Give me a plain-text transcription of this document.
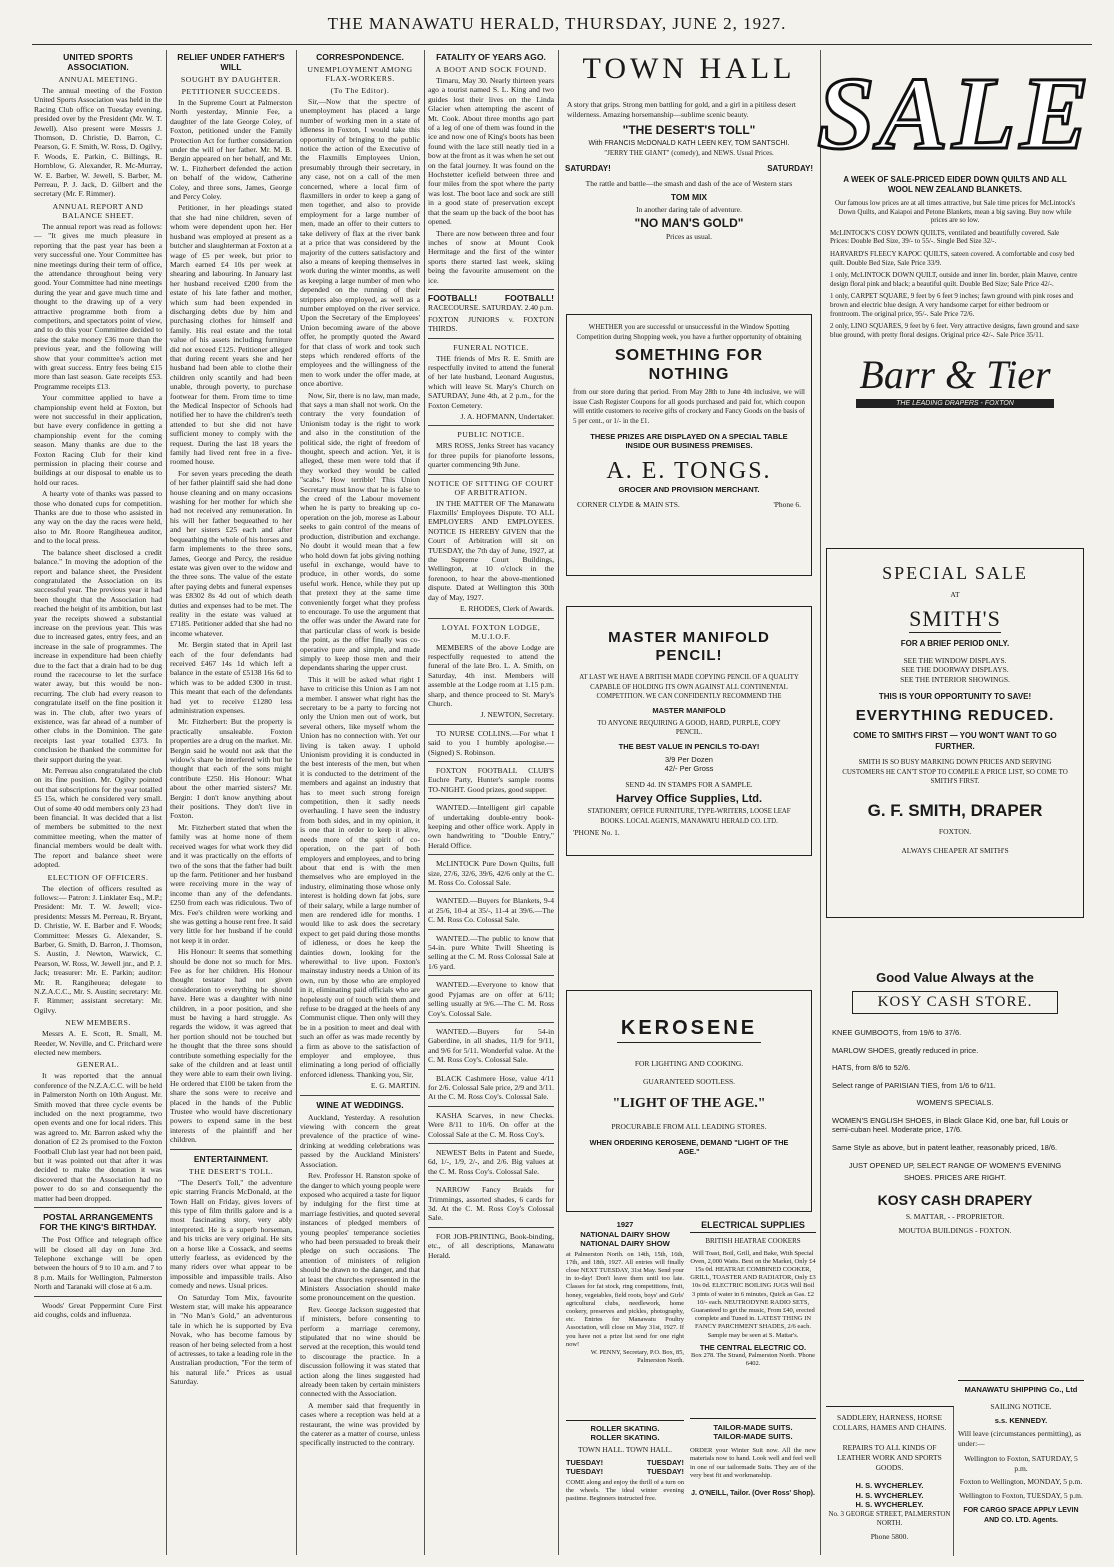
THE MANAWATU HERALD, THURSDAY, JUNE 2, 1927.
UNITED SPORTS ASSOCIATION.
ANNUAL MEETING.

The annual meeting of the Foxton United Sports Association was held in the Racing Club office on Tuesday evening, presided over by the President (Mr. W. T. Jewell). Also present were Messrs J. Thomson, D. Christie, D. Barron, C. Pearson, G. F. Smith, W. Ross, D. Ogilvy, F. Woods, E. Parkin, C. Billings, R. Hornblow, G. Alexander, R. Mc-Murray, W. E. Barber, W. Jewell, S. Barber, M. Perreau, P. J. Jack, D. Gilbert and the secretary (Mr. F. Rimmer).

ANNUAL REPORT AND BALANCE SHEET.

The annual report was read as follows:— "It gives me much pleasure in reporting that the past year has been a very successful one. Your Committee has nine meetings during their term of office, the attendance throughout being very good. Your Committee had nine meetings during the year and gave much time and thought to the drawing up of a very attractive programme both from a competitors, and spectators point of view, and to do this your Committee decided to raise the stake money £36 more than the previous year, and the following will show that your committee's action met with great success. Entry fees being £15 more than last season. Gate receipts £53. Programme receipts £13.

Your committee applied to have a championship event held at Foxton, but were not successful in their application, but have every confidence in getting a championship event for the coming season. Many thanks are due to the Foxton Racing Club for their kind permission in placing their course and buildings at our disposal to enable us to hold our races.

A hearty vote of thanks was passed to those who donated cups for competition. Thanks are due to those who assisted in any way on the day the races were held, also to Mr. Roore Rangiheuea auditor, and to the local press.

The balance sheet disclosed a credit balance." In moving the adoption of the report and balance sheet, the President congratulated the Association on its successful year. The previous year it had been thought that the Association had reached the height of its ambition, but last year the receipts showed a substantial increase on the previous year. This was due to increased gates, entry fees, and an increase in the sale of programmes. The increase in expenditure had been chiefly due to the fact that a drain had to be dug round the racecourse to let the surface water away, but this would be non-recurring. The club had every reason to congratulate itself on the fine position it was in. The club, after two years of existence, was far ahead of a number of other clubs in the Dominion. The gate receipts last year totalled £373. In conclusion he thanked the committee for their support during the year.

Mr. Perreau also congratulated the club on its fine position. Mr. Ogilvy pointed out that subscriptions for the year totalled £5 15s, which he considered very small. Out of some 40 odd members only 23 had been financial. It was decided that a list of members be submitted to the next committee meeting, when the matter of financial members would be dealt with. The report and balance sheet were adopted.

ELECTION OF OFFICERS.

The election of officers resulted as follows:— Patron: J. Linklater Esq., M.P.; President: Mr. T. W. Jewell; vice-presidents: Messrs M. Perreau, R. Bryant, D. Christie, W. E. Barber and F. Woods; Committee: Messrs G. Alexander, S. Barber, G. Smith, D. Barron, J. Thomson, S. Austin, J. Newton, Warwick, C. Pearson, W. Ross, W. Jewell jnr., and P. J. Jack; treasurer: Mr. E. Parkin; auditor: Mr. R. Rangiheuea; delegate to N.Z.A.C.C., Mr. S. Austin; secretary: Mr. F. Rimmer; assistant secretary: Mr. Ogilvy.

NEW MEMBERS.

Messrs A. E. Scott, R. Small, M. Reeder, W. Neville, and C. Pritchard were elected new members.

GENERAL.

It was reported that the annual conference of the N.Z.A.C.C. will be held in Palmerston North on 10th August. Mr. Smith moved that three cycle events be included on the next programme, two open events and one for local riders. This was agreed to. Mr. Barron asked why the donation of £2 2s promised to the Foxton Football Club last year had not been paid, but it was pointed out that after it was decided to make the donation it was discovered that the Association had no power to do so and consequently the matter had been dropped.

POSTAL ARRANGEMENTS FOR THE KING'S BIRTHDAY.

The Post Office and telegraph office will be closed all day on June 3rd. Telephone exchange will be open between the hours of 9 to 10 a.m. and 7 to 8 p.m. Mails for Wellington, Palmerston North and Taranaki will close at 6 a.m.

Woods' Great Peppermint Cure First aid coughs, colds and influenza.

RELIEF UNDER FATHER'S WILL
SOUGHT BY DAUGHTER.
PETITIONER SUCCEEDS.

In the Supreme Court at Palmerston North yesterday, Minnie Fee, a daughter of the late George Coley, of Foxton, petitioned under the Family Protection Act for further consideration under the will of her father. Mr. M. B. Bergin appeared on her behalf, and Mr. W. L. Fitzherbert defended the action on behalf of the widow, Catherine Coley, and three sons, James, George and Percy Coley.

Petitioner, in her pleadings stated that she had nine children, seven of whom were dependent upon her. Her husband was employed at present as a butcher and slaughterman at Foxton at a wage of £5 per week, but prior to March earned £4 10s per week at shearing and labouring. In January last her husband received £200 from the estate of his late father and mother, which sum had been expended in discharging debts due by him and purchasing clothes for himself and family. His real estate and the total value of his assets including furniture did not exceed £125. Petitioner alleged that during recent years she and her husband had been able to clothe their children only scantily and had been unable, through poverty, to purchase footwear for them. From time to time the Medical Inspector of Schools had notified her to have the children's teeth attended to but she did not have sufficient money to comply with the request. During the last 18 years the family had lived rent free in a five-roomed house.

For seven years preceding the death of her father plaintiff said she had done house cleaning and on many occasions washing for her mother for which she had not received any remuneration. In his will her father bequeathed to her and her sisters £25 each and after bequeathing the whole of his horses and farm implements to the three sons, James, George and Percy, the residue estate was given over to the widow and the three sons. The value of the estate after paying debts and funeral expenses was £8302 8s 4d out of which death duties and expenses had to be met. The reality in the estate was valued at £7185. Petitioner added that she had no income whatever.

Mr. Bergin stated that in April last each of the four defendants had received £467 14s 1d which left a balance in the estate of £5138 16s 6d to which was to be added £300 in trust. This meant that each of the defendants had yet to receive £1280 less administration expenses.

Mr. Fitzherbert: But the property is practically unsaleable. Foxton properties are a drug on the market. Mr. Bergin said he would not ask that the widow's share be interfered with but he thought that each of the sons might contribute £250. His Honour: What about the other married sisters? Mr. Bergin: I don't know anything about their positions. They don't live in Foxton.

Mr. Fitzherbert stated that when the family was at home none of them received wages for what work they did and it was practically on the efforts of two of the sons that the father had built up the farm. Petitioner and her husband were receiving more in the way of income than any of the defendants. £250 from each was ridiculous. Two of Mrs. Fee's children were working and she was getting a house rent free. It said very little for her husband if he could not keep it in order.

His Honour: It seems that something should be done not so much for Mrs. Fee as for her children. His Honour thought testator had not given consideration to everything he should have. Here was a daughter with nine children, in a poor position, and she must be having a hard struggle. As regards the widow, it was agreed that her portion should not be touched but he thought that the three sons should contribute something especially for the sake of the children and at least until they were able to earn their own living. He ordered that £100 be taken from the share the sons were to receive and placed in the hands of the Public Trustee who would have discretionary powers to expend same in the best interests of the plaintiff and her children.

ENTERTAINMENT.
THE DESERT'S TOLL.

"The Desert's Toll," the adventure epic starring Francis McDonald, at the Town Hall on Friday, gives lovers of this type of film thrills galore and is a most fascinating story, very ably interpreted. He is a superb horseman, and his tricks are very original. He sits on a horse like a Cossack, and seems utterly fearless, as evidenced by the many riders over what appear to be impossible and impassible trails. Also comedy and news. Usual prices.

On Saturday Tom Mix, favourite Western star, will make his appearance in "No Man's Gold," an adventurous tale in which he is supported by Eva Novak, who has become famous by reason of her being selected from a host of actresses, to take a leading role in the Australian production, "For the term of his natural life." Prices as usual Saturday.

CORRESPONDENCE.
UNEMPLOYMENT AMONG FLAX-WORKERS.
(To The Editor).

Sir,—Now that the spectre of unemployment has placed a large number of working men in a state of idleness in Foxton, I would take this opportunity of bringing to the public notice the action of the Executive of the Flaxmills Employees Union, presumably through their secretary, in any case, not on a call of the men concerned, where a local firm of flaxmillers in order to keep a gang of men together, and also to provide employment for a large number of men, made an offer to their cutters to take delivery of flax at the river bank at a price that was considered by the majority of the cutters satisfactory and also a means of keeping themselves in work during the winter months, as well as keeping a large number of men who depended on the running of their strippers also employed, as well as a number employed on the river service. Upon the Secretary of the Employees' Union becoming aware of the above offer, he promptly quoted the Award for that class of work and took such steps which rendered efforts of the employees and the willingness of the men to work under the offer made, at once abortive.

Now, Sir, there is no law, man made, that says a man shall not work. On the contrary the very foundation of Unionism today is the right to work and also in the constitution of the political side, the right of freedom of thought, speech and action. Yet, it is alleged, these men were told that if they worked they would be called "scabs." How terrible! This Union Secretary must know that he is false to the creed of the Labour movement when he is party to breaking up co-operation on the job, morese as Labour seeks to gain control of the means of production, distribution and exchange. No doubt it would mean that a few who hold down fat jobs giving nothing useful in exchange, would have to produce, in other words, do some useful work. Hence, while they put up that pretext they at the same time conveniently forget what they profess to encourage. To use the argument that the offer was under the Award rate for that particular class of work is beside the point, as the offer finally was co-operative pure and simple, and made simply to keep those men and their dependants sharing the upper crust.

This it will be asked what right I have to criticise this Union as I am not a member. I answer what right has the secretary to be a party to forcing not only the Union men out of work, but several others, like myself whom the Union has no connection with. Yet our living is taken away. I uphold Unionism providing it is conducted in the best interests of the men, but when it is conducted to the detriment of the members and against an industry that has to meet such strong foreign competition, then it sadly needs overhauling. I have seen the industry from both sides, and in my opinion, it is one that in order to keep it alive, needs more of the spirit of co-operation, on the part of both employers and employees, and to bring about that end is with the men themselves who are employed in the industry, eliminating those whose only interest is holding down fat jobs, sure of their salary, while a large number of men are rendered idle for months. I would like to ask does the secretary expect to get paid during those months of idleness, or does he keep the dainties down, looking for the wherewithal to live upon. Foxton's mainstay industry needs a Union of its own, run by those who are employed in it, eliminating paid officials who are hopelessly out of touch with them and refuse to be dragged at the heels of any Communist clique. Then only will they be in a position to meet and deal with such an offer as was made recently by a firm as above to the satisfaction of employer and employee, thus eliminating a long period of officially enforced idleness. Thanking you, Sir,

E. G. MARTIN.

WINE AT WEDDINGS.

Auckland, Yesterday. A resolution viewing with concern the great prevalence of the practice of wine-drinking at wedding celebrations was passed by the Auckland Ministers' Association.

Rev. Professor H. Ranston spoke of the danger to which young people were exposed who acquired a taste for liquor by indulging for the first time at marriage festivities, and quoted several instances of pledged members of young peoples' temperance societies who had been persuaded to break their pledge on such occasions. The attention of ministers of religion should be drawn to the danger, and that at least the churches represented in the Ministers Association should make some pronouncement on the question.

Rev. George Jackson suggested that if ministers, before consenting to perform a marriage ceremony, stipulated that no wine should be served at the reception, this would tend to discourage the practice. In a discussion following it was stated that action along the lines suggested had already been taken by certain ministers connected with the Association.

A member said that frequently in cases where a reception was held at a restaurant, the wine was provided by the caterer as a matter of course, unless specifically instructed to the contrary.

FATALITY OF YEARS AGO.
A BOOT AND SOCK FOUND.

Timaru, May 30. Nearly thirteen years ago a tourist named S. L. King and two guides lost their lives on the Linda Glacier when attempting the ascent of Mt. Cook. About three months ago part of a leg of one of them was found in the ice and now one of King's boots has been found with the lace still neatly tied in a bow at the front as it was when he set out on the fatal journey. It was found on the Hochstetter icefield between three and four miles from the spot where the party was lost. The boot lace and sock are still in a good state of preservation except that the seam up the back of the boot has opened.

There are now between three and four inches of snow at Mount Cook Hermitage and the first of the winter sports there started last week, skiing being the favourite amusement on the ice.

FOOTBALL!	FOOTBALL!

RACECOURSE. SATURDAY. 2.40 p.m.

FOXTON JUNIORS v. FOXTON THIRDS.

FUNERAL NOTICE.

THE friends of Mrs R. E. Smith are respectfully invited to attend the funeral of her late husband, Leonard Augustus, which will leave St. Mary's Church on SATURDAY, June 4th, at 2 p.m., for the Foxton Cemetery.

J. A. HOFMANN, Undertaker.

PUBLIC NOTICE.

MRS ROSS, Jenks Street has vacancy for three pupils for pianoforte lessons, quarter commencing 9th June.

NOTICE OF SITTING OF COURT OF ARBITRATION.

IN THE MATTER OF The Manawatu Flaxmills' Employees Dispute. TO ALL EMPLOYERS AND EMPLOYEES. NOTICE IS HEREBY GIVEN that the Court of Arbitration will sit on TUESDAY, the 7th day of June, 1927, at the Supreme Court Buildings, Wellington, at 10 o'clock in the forenoon, to hear the above-mentioned dispute. Dated at Wellington this 30th day of May, 1927.

E. RHODES, Clerk of Awards.

LOYAL FOXTON LODGE, M.U.I.O.F.

MEMBERS of the above Lodge are respectfully requested to attend the funeral of the late Bro. L. A. Smith, on Saturday, 4th inst. Members will assemble at the Lodge room at 1.15 p.m. sharp, and thence proceed to St. Mary's Church.

J. NEWTON, Secretary.

TO NURSE COLLINS.—For what I said to you I humbly apologise.—(Signed) S. Robinson.

FOXTON FOOTBALL CLUB'S Euchre Party, Hunter's sample rooms TO-NIGHT. Good prizes, good supper.

WANTED.—Intelligent girl capable of undertaking double-entry book-keeping and other office work. Apply in own handwriting to "Double Entry," Herald Office.

McLINTOCK Pure Down Quilts, full size, 27/6, 32/6, 39/6, 42/6 only at the C. M. Ross Co. Colossal Sale.

WANTED.—Buyers for Blankets, 9-4 at 25/6, 10-4 at 35/-, 11-4 at 39/6.—The C. M. Ross Co. Colossal Sale.

WANTED.—The public to know that 54-in. pure White Twill Sheeting is selling at the C. M. Ross Colossal Sale at 1/6 yard.

WANTED.—Everyone to know that good Pyjamas are on offer at 6/11; selling usually at 9/6.—The C. M. Ross Coy's. Colossal Sale.

WANTED.—Buyers for 54-in Gaberdine, in all shades, 11/9 for 9/11, and 9/6 for 5/11. Wonderful value. At the C. M. Ross Coy's. Colossal Sale.

BLACK Cashmere Hose, value 4/11 for 2/6. Colossal Sale price, 2/9 and 3/11. At the C. M. Ross Coy's. Colossal Sale.

KASHA Scarves, in new Checks. Were 8/11 to 10/6. On offer at the Colossal Sale at the C. M. Ross Coy's.

NEWEST Belts in Patent and Suede, 6d, 1/-, 1/9, 2/-, and 2/6. Big values at the C. M. Ross Coy's. Colossal Sale.

NARROW Fancy Braids for Trimmings, assorted shades, 6 cards for 3d. At the C. M. Ross Coy's Colossal Sale.

FOR JOB-PRINTING, Book-binding, etc., of all descriptions, Manawatu Herald.

TOWN HALL
A story that grips. Strong men battling for gold, and a girl in a pitiless desert wilderness. Amazing horsemanship—sublime scenic beauty.
"THE DESERT'S TOLL"
With FRANCIS McDONALD KATH LEEN KEY, TOM SANTSCHI.
"JERRY THE GIANT" (comedy), and NEWS. Usual Prices.
SATURDAY!	SATURDAY!
The rattle and battle—the smash and dash of the ace of Western stars
TOM MIX
In another daring tale of adventure.
"NO MAN'S GOLD"
Prices as usual.
WHETHER you are successful or unsuccessful in the Window Spotting Competition during Shopping week, you have a further opportunity of obtaining
SOMETHING FOR NOTHING
from our store during that period. From May 28th to June 4th inclusive, we will issue Cash Register Coupons for all goods purchased and paid for, which coupon will entitle customers to receive gifts of crockery and Fancy Goods on the basis of 5 per cent., or 1/- in the £1.
THESE PRIZES ARE DISPLAYED ON A SPECIAL TABLE INSIDE OUR BUSINESS PREMISES.
A. E. TONGS.
GROCER AND PROVISION MERCHANT.
CORNER CLYDE & MAIN STS.	'Phone 6.
MASTER MANIFOLD PENCIL!
AT LAST WE HAVE A BRITISH MADE COPYING PENCIL OF A QUALITY CAPABLE OF HOLDING ITS OWN AGAINST ALL CONTINENTAL COMPETITION. WE CAN CONFIDENTLY RECOMMEND THE
MASTER MANIFOLD
TO ANYONE REQUIRING A GOOD, HARD, PURPLE, COPY PENCIL.
THE BEST VALUE IN PENCILS TO-DAY!
3/9 Per Dozen
42/- Per Gross
SEND 4d. IN STAMPS FOR A SAMPLE.
Harvey Office Supplies, Ltd.
STATIONERY, OFFICE FURNITURE, TYPE-WRITERS, LOOSE LEAF BOOKS. LOCAL AGENTS, MANAWATU HERALD CO. LTD.
'PHONE No. 1.
KEROSENE
FOR LIGHTING AND COOKING.
GUARANTEED SOOTLESS.
"LIGHT OF THE AGE."
PROCURABLE FROM ALL LEADING STORES.
WHEN ORDERING KEROSENE, DEMAND "LIGHT OF THE AGE."
1927
NATIONAL DAIRY SHOW
NATIONAL DAIRY SHOW
at Palmerston North. on 14th, 15th, 16th, 17th, and 18th, 1927. All entries will finally close NEXT TUESDAY, 31st May. Send your in to-day! Don't leave them until too late. Classes for fat stock, ring competitions, fruit, honey, vegetables, field roots, boys' and Girls' agricultural clubs, needlework, home cookery, preserves and pickles, photography, etc. Entries for Manawatu Poultry Association, will close on May 31st, 1927. If you have not a prize list send for one right now!
W. PENNY, Secretary, P.O. Box, 85, Palmerston North.
ROLLER SKATING.
ROLLER SKATING.
TOWN HALL. TOWN HALL.
TUESDAY!	TUESDAY!
TUESDAY!	TUESDAY!
COME along and enjoy the thrill of a turn on the wheels. The ideal winter evening pastime. Beginners instructed free.
ELECTRICAL SUPPLIES
BRITISH HEATRAE COOKERS
Will Toast, Boil, Grill, and Bake, With Special Oven, 2,000 Watts. Best on the Market, Only £4 15s 0d. HEATRAE COMBINED COOKER, GRILL, TOASTER AND RADIATOR, Only £3 10s 0d. ELECTRIC BOILING JUGS Will Boil 3 pints of water in 6 minutes, Quick as Gas. £2 10/- each. NEUTRODYNE RADIO SETS, Guaranteed to get the music, From £40, erected complete and Tuned in. LATEST THING IN FANCY PARCHMENT SHADES, 2/6 each. Sample may be seen at S. Mattar's.
THE CENTRAL ELECTRIC CO.
Box 278. The Strand, Palmerston North. 'Phone 6402.
TAILOR-MADE SUITS.
TAILOR-MADE SUITS.
ORDER your Winter Suit now. All the new materials now to hand. Look well and feel well in one of our tailormade Suits. They are of the very best fit and workmanship.
J. O'NEILL, Tailor. (Over Ross' Shop).
SALE
A WEEK OF SALE-PRICED EIDER DOWN QUILTS AND ALL WOOL NEW ZEALAND BLANKETS.
Our famous low prices are at all times attractive, but Sale time prices for McLintock's Down Quilts, and Kaiapoi and Petone Blankets, mean a big saving. Buy now while prices are so low.
McLINTOCK'S COSY DOWN QUILTS, ventilated and beautifully covered. Sale Prices: Double Bed Size, 39/- to 55/-. Single Bed Size 32/-.
HARVARD'S FLEECY KAPOC QUILTS, sateen covered. A comfortable and cosy bed quilt. Double Bed Size, Sale Price 33/9.
1 only, McLINTOCK DOWN QUILT, outside and inner lin. border, plain Mauve, centre design floral pink and black; a beautiful quilt. Double Bed Size; Sale Price 42/-.
1 only, CARPET SQUARE, 9 feet by 6 feet 9 inches; fawn ground with pink roses and brown and electric blue design. A very handsome carpet for either bedroom or frontroom. The original price, 95/-. Sale Price 72/6.
2 only, LINO SQUARES, 9 feet by 6 feet. Very attractive designs, fawn ground and saxe blue ground, with pretty floral designs. Original price 42/-. Sale Price 35/11.
Barr & Tier
THE LEADING DRAPERS - FOXTON
SPECIAL SALE
AT
SMITH'S
FOR A BRIEF PERIOD ONLY.
SEE THE WINDOW DISPLAYS.
SEE THE DOORWAY DISPLAYS.
SEE THE INTERIOR SHOWINGS.
THIS IS YOUR OPPORTUNITY TO SAVE!
EVERYTHING REDUCED.
COME TO SMITH'S FIRST — YOU WON'T WANT TO GO FURTHER.
SMITH IS SO BUSY MARKING DOWN PRICES AND SERVING CUSTOMERS HE CAN'T STOP TO COMPILE A PRICE LIST, SO COME TO SMITH'S FIRST.
G. F. SMITH, DRAPER
FOXTON.
ALWAYS CHEAPER AT SMITH'S
Good Value Always at the
KOSY CASH STORE.
KNEE GUMBOOTS, from 19/6 to 37/6.
MARLOW SHOES, greatly reduced in price.
HATS, from 8/6 to 52/6.
Select range of PARISIAN TIES, from 1/6 to 6/11.
WOMEN'S SPECIALS.
WOMEN'S ENGLISH SHOES, in Black Glace Kid, one bar, full Louis or semi-cuban heel. Moderate price, 17/6.
Same Style as above, but in patent leather, reasonably priced, 18/6.
JUST OPENED UP, SELECT RANGE OF WOMEN'S EVENING SHOES. PRICES ARE RIGHT.
KOSY CASH DRAPERY
S. MATTAR, - - PROPRIETOR.
MOUTOA BUILDINGS - FOXTON.
SADDLERY, HARNESS, HORSE COLLARS, HAMES AND CHAINS.
REPAIRS TO ALL KINDS OF LEATHER WORK AND SPORTS GOODS.
H. S. WYCHERLEY.
H. S. WYCHERLEY.
H. S. WYCHERLEY.
No. 3 GEORGE STREET, PALMERSTON NORTH.
Phone 5800.
MANAWATU SHIPPING Co., Ltd
SAILING NOTICE.
s.s. KENNEDY.
Will leave (circumstances permitting), as under:—
Wellington to Foxton, SATURDAY, 5 p.m.
Foxton to Wellington, MONDAY, 5 p.m.
Wellington to Foxton, TUESDAY, 5 p.m.
FOR CARGO SPACE APPLY LEVIN AND CO. LTD. Agents.
